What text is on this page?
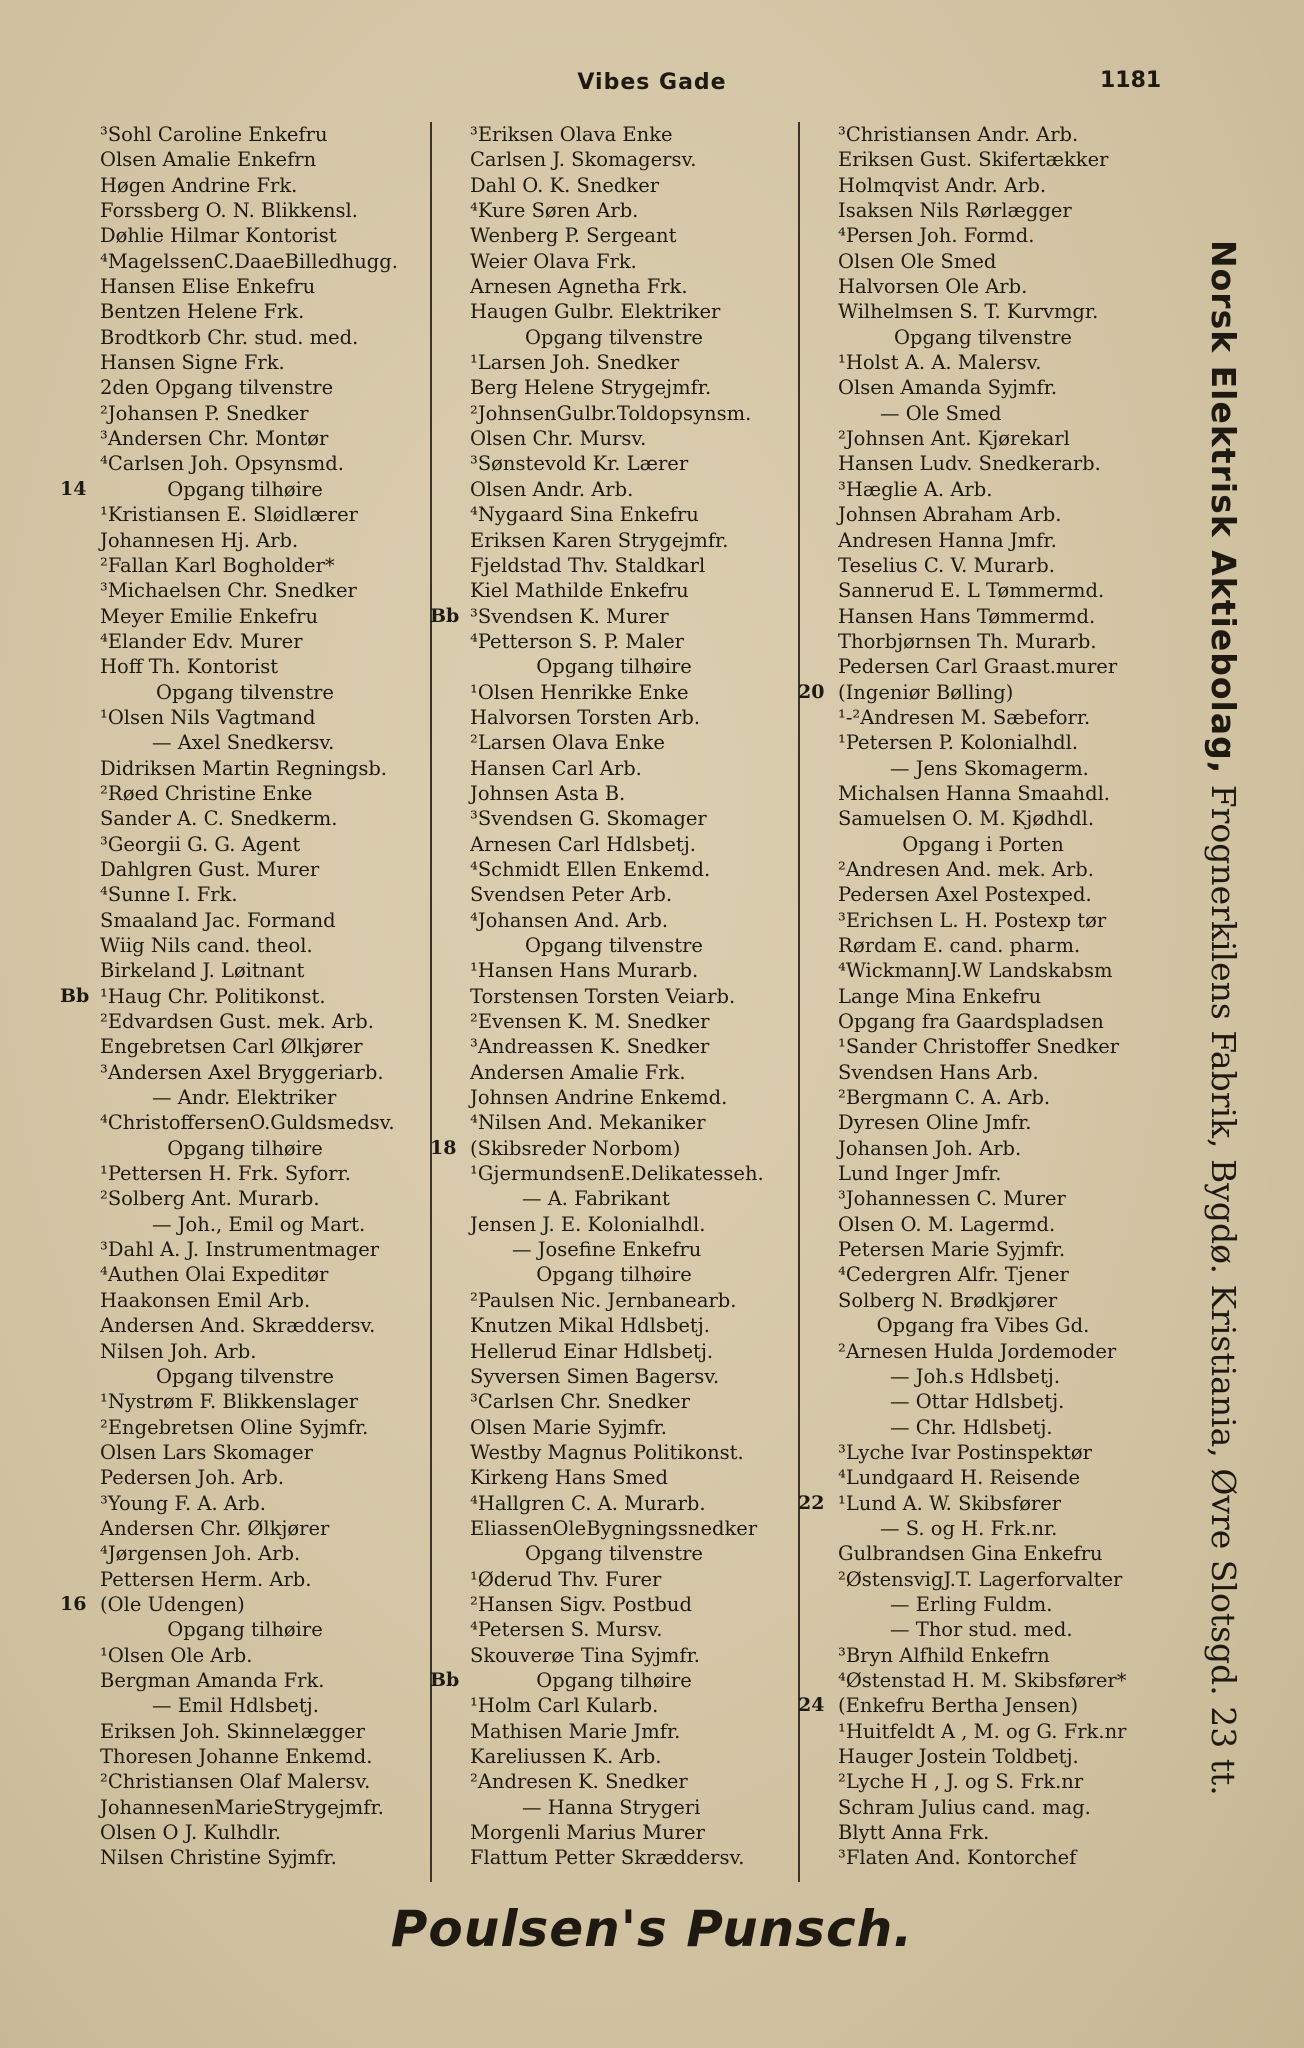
Vibes Gade	1181
³Sohl Caroline Enkefru
Olsen Amalie Enkefrn
Høgen Andrine Frk.
Forssberg O. N. Blikkensl.
Døhlie Hilmar Kontorist
⁴MagelssenC.DaaeBilledhugg.
Hansen Elise Enkefru
Bentzen Helene Frk.
Brodtkorb Chr. stud. med.
Hansen Signe Frk.
2den Opgang tilvenstre
²Johansen P. Snedker
³Andersen Chr. Montør
⁴Carlsen Joh. Opsynsmd.
14	Opgang tilhøire
¹Kristiansen E. Sløidlærer
Johannesen Hj. Arb.
²Fallan Karl Bogholder*
³Michaelsen Chr. Snedker
Meyer Emilie Enkefru
⁴Elander Edv. Murer
Hoff Th. Kontorist
Opgang tilvenstre
¹Olsen Nils Vagtmand
— Axel Snedkersv.
Didriksen Martin Regningsb.
²Røed Christine Enke
Sander A. C. Snedkerm.
³Georgii G. G. Agent
Dahlgren Gust. Murer
⁴Sunne I. Frk.
Smaaland Jac. Formand
Wiig Nils cand. theol.
Birkeland J. Løitnant
Bb ¹Haug Chr. Politikonst.
²Edvardsen Gust. mek. Arb.
Engebretsen Carl Ølkjører
³Andersen Axel Bryggeriarb.
— Andr. Elektriker
⁴ChristoffersenO.Guldsmedsv.
Opgang tilhøire
¹Pettersen H. Frk. Syforr.
²Solberg Ant. Murarb.
— Joh., Emil og Mart.
³Dahl A. J. Instrumentmager
⁴Authen Olai Expeditør
Haakonsen Emil Arb.
Andersen And. Skræddersv.
Nilsen Joh. Arb.
Opgang tilvenstre
¹Nystrøm F. Blikkenslager
²Engebretsen Oline Syjmfr.
Olsen Lars Skomager
Pedersen Joh. Arb.
³Young F. A. Arb.
Andersen Chr. Ølkjører
⁴Jørgensen Joh. Arb.
Pettersen Herm. Arb.
16 (Ole Udengen)
Opgang tilhøire
¹Olsen Ole Arb.
Bergman Amanda Frk.
— Emil Hdlsbetj.
Eriksen Joh. Skinnelægger
Thoresen Johanne Enkemd.
²Christiansen Olaf Malersv.
JohannesenMarieStrygejmfr.
Olsen O J. Kulhdlr.
Nilsen Christine Syjmfr.
³Eriksen Olava Enke
Carlsen J. Skomagersv.
Dahl O. K. Snedker
⁴Kure Søren Arb.
Wenberg P. Sergeant
Weier Olava Frk.
Arnesen Agnetha Frk.
Haugen Gulbr. Elektriker
Opgang tilvenstre
¹Larsen Joh. Snedker
Berg Helene Strygejmfr.
²JohnsenGulbr.Toldopsynsm.
Olsen Chr. Mursv.
³Sønstevold Kr. Lærer
Olsen Andr. Arb.
⁴Nygaard Sina Enkefru
Eriksen Karen Strygejmfr.
Fjeldstad Thv. Staldkarl
Kiel Mathilde Enkefru
Bb ³Svendsen K. Murer
⁴Petterson S. P. Maler
Opgang tilhøire
¹Olsen Henrikke Enke
Halvorsen Torsten Arb.
²Larsen Olava Enke
Hansen Carl Arb.
Johnsen Asta B.
³Svendsen G. Skomager
Arnesen Carl Hdlsbetj.
⁴Schmidt Ellen Enkemd.
Svendsen Peter Arb.
⁴Johansen And. Arb.
Opgang tilvenstre
¹Hansen Hans Murarb.
Torstensen Torsten Veiarb.
²Evensen K. M. Snedker
³Andreassen K. Snedker
Andersen Amalie Frk.
Johnsen Andrine Enkemd.
⁴Nilsen And. Mekaniker
18 (Skibsreder Norbom)
¹GjermundsenE.Delikatesseh.
— A. Fabrikant
Jensen J. E. Kolonialhdl.
— Josefine Enkefru
Opgang tilhøire
²Paulsen Nic. Jernbanearb.
Knutzen Mikal Hdlsbetj.
Hellerud Einar Hdlsbetj.
Syversen Simen Bagersv.
³Carlsen Chr. Snedker
Olsen Marie Syjmfr.
Westby Magnus Politikonst.
Kirkeng Hans Smed
⁴Hallgren C. A. Murarb.
EliassenOleBygningssnedker
Opgang tilvenstre
¹Øderud Thv. Furer
²Hansen Sigv. Postbud
⁴Petersen S. Mursv.
Skouverøe Tina Syjmfr.
Bb	Opgang tilhøire
¹Holm Carl Kularb.
Mathisen Marie Jmfr.
Kareliussen K. Arb.
²Andresen K. Snedker
— Hanna Strygeri
Morgenli Marius Murer
Flattum Petter Skræddersv.
³Christiansen Andr. Arb.
Eriksen Gust. Skifertækker
Holmqvist Andr. Arb.
Isaksen Nils Rørlægger
⁴Persen Joh. Formd.
Olsen Ole Smed
Halvorsen Ole Arb.
Wilhelmsen S. T. Kurvmgr.
Opgang tilvenstre
¹Holst A. A. Malersv.
Olsen Amanda Syjmfr.
— Ole Smed
²Johnsen Ant. Kjørekarl
Hansen Ludv. Snedkerarb.
³Hæglie A. Arb.
Johnsen Abraham Arb.
Andresen Hanna Jmfr.
Teselius C. V. Murarb.
Sannerud E. L Tømmermd.
Hansen Hans Tømmermd.
Thorbjørnsen Th. Murarb.
Pedersen Carl Graast.murer
20 (Ingeniør Bølling)
¹-²Andresen M. Sæbeforr.
¹Petersen P. Kolonialhdl.
— Jens Skomagerm.
Michalsen Hanna Smaahdl.
Samuelsen O. M. Kjødhdl.
Opgang i Porten
²Andresen And. mek. Arb.
Pedersen Axel Postexped.
³Erichsen L. H. Postexp tør
Rørdam E. cand. pharm.
⁴WickmannJ.W Landskabsm
Lange Mina Enkefru
Opgang fra Gaardspladsen
¹Sander Christoffer Snedker
Svendsen Hans Arb.
²Bergmann C. A. Arb.
Dyresen Oline Jmfr.
Johansen Joh. Arb.
Lund Inger Jmfr.
³Johannessen C. Murer
Olsen O. M. Lagermd.
Petersen Marie Syjmfr.
⁴Cedergren Alfr. Tjener
Solberg N. Brødkjører
Opgang fra Vibes Gd.
²Arnesen Hulda Jordemoder
— Joh.s Hdlsbetj.
— Ottar Hdlsbetj.
— Chr. Hdlsbetj.
³Lyche Ivar Postinspektør
⁴Lundgaard H. Reisende
22 ¹Lund A. W. Skibsfører
— S. og H. Frk.nr.
Gulbrandsen Gina Enkefru
²ØstensvigJ.T. Lagerforvalter
— Erling Fuldm.
— Thor stud. med.
³Bryn Alfhild Enkefrn
⁴Østenstad H. M. Skibsfører*
24 (Enkefru Bertha Jensen)
¹Huitfeldt A , M. og G. Frk.nr
Hauger Jostein Toldbetj.
²Lyche H , J. og S. Frk.nr
Schram Julius cand. mag.
Blytt Anna Frk.
³Flaten And. Kontorchef
Norsk Elektrisk Aktiebolag, Frognerkilens Fabrik, Bygdø. Kristiania, Øvre Slotsgd. 23 tt.
Poulsen's Punsch.
